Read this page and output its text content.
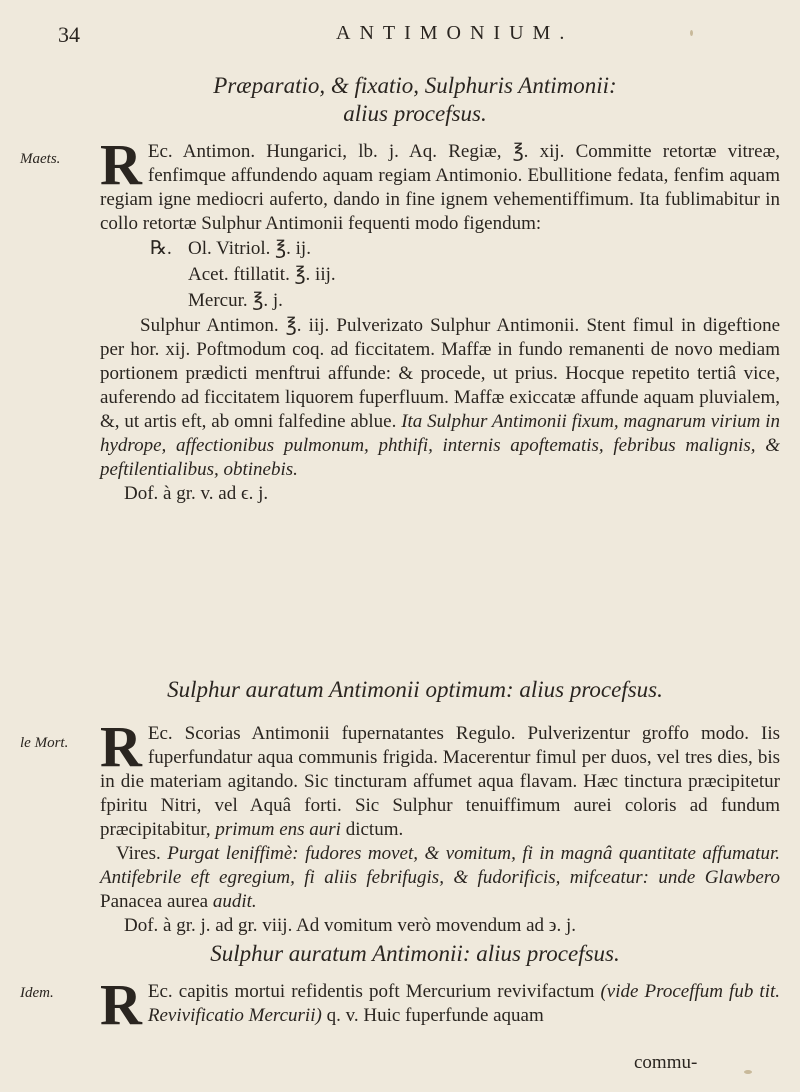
34	ANTIMONIUM.
Præparatio, & fixatio, Sulphuris Antimonii:
alius procefsus.
Maets. R Ec. Antimon. Hungarici, lb. j. Aq. Regiæ, ℥. xij. Committe retortæ vitreæ, fenfimque affundendo aquam regiam Antimonio. Ebullitione fedata, fenfim aquam regiam igne mediocri auferto, dando in fine ignem vehementiffimum. Ita fublimabitur in collo retortæ Sulphur Antimonii fequenti modo figendum:

℞. Ol. Vitriol. ℥. ij.
Acet. ftillatit. ℥. iij.
Mercur. ℥. j.

Sulphur Antimon. ℥. iij. Pulverizato Sulphur Antimonii. Stent fimul in digeftione per hor. xij. Poftmodum coq. ad ficcitatem. Maffæ in fundo remanenti de novo mediam portionem prædicti menftrui affunde: & procede, ut prius. Hocque repetito tertiâ vice, auferendo ad ficcitatem liquorem fuperfluum. Maffæ exiccatæ affunde aquam pluvialem, &, ut artis eft, ab omni falfedine ablue. Ita Sulphur Antimonii fixum, magnarum virium in hydrope, affectionibus pulmonum, phthifi, internis apoftematis, febribus malignis, & peftilentialibus, obtinebis.

Dof. à gr. v. ad ϵ. j.

Sulphur auratum Antimonii optimum: alius procefsus.
le Mort. R Ec. Scorias Antimonii fupernatantes Regulo. Pulverizentur groffo modo. Iis fuperfundatur aqua communis frigida. Macerentur fimul per duos, vel tres dies, bis in die materiam agitando. Sic tincturam affumet aqua flavam. Hæc tinctura præcipitetur fpiritu Nitri, vel Aquâ forti. Sic Sulphur tenuiffimum aurei coloris ad fundum præcipitabitur, primum ens auri dictum.

Vires. Purgat leniffimè: fudores movet, & vomitum, fi in magnâ quantitate affumatur. Antifebrile eft egregium, fi aliis febrifugis, & fudorificis, mifceatur: unde Glawbero Panacea aurea audit.

Dof. à gr. j. ad gr. viij. Ad vomitum verò movendum ad ϶. j.

Sulphur auratum Antimonii: alius procefsus.
Idem. R Ec. capitis mortui refidentis poft Mercurium revivifactum (vide Proceffum fub tit. Revivificatio Mercurii) q. v. Huic fuperfunde aquam

commu-
